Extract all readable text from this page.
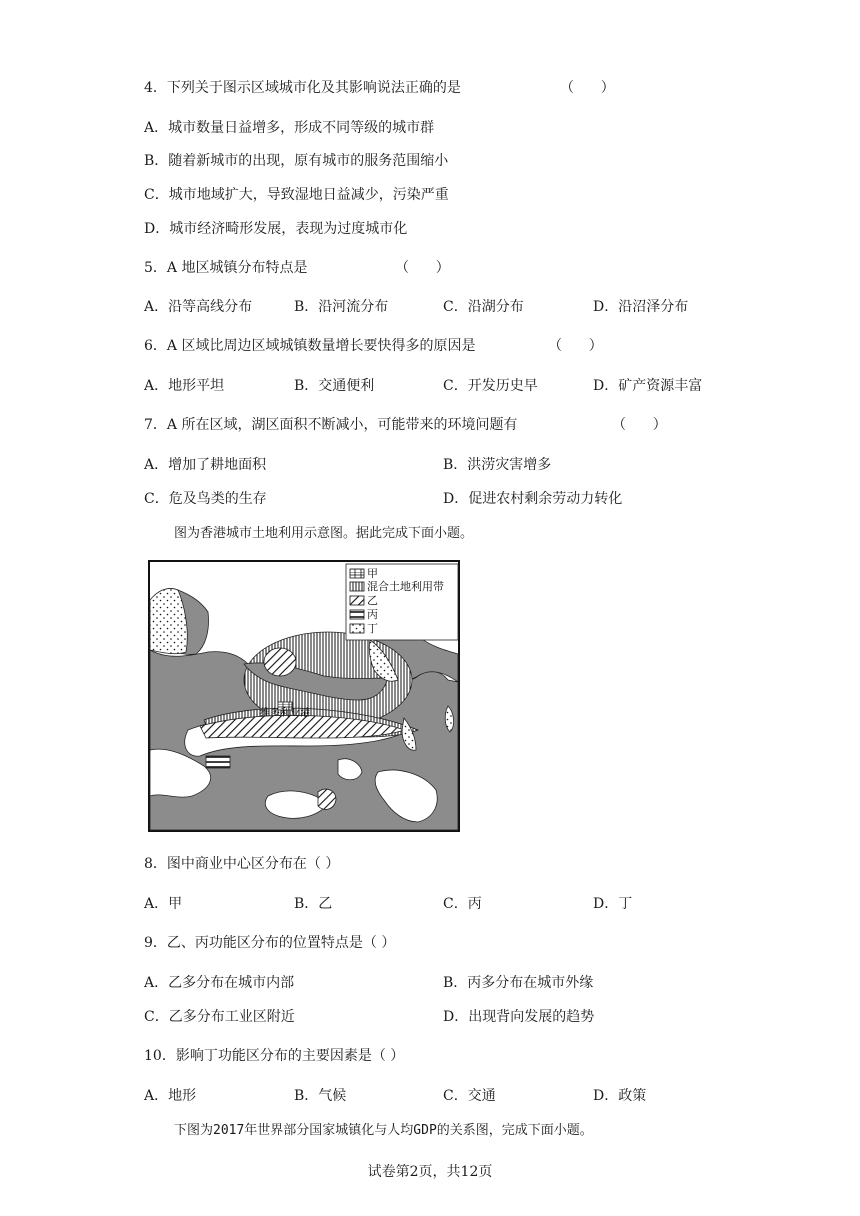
4．下列关于图示区域城市化及其影响说法正确的是	（      ）
A．城市数量日益增多，形成不同等级的城市群
B．随着新城市的出现，原有城市的服务范围缩小
C．城市地域扩大，导致湿地日益减少，污染严重
D．城市经济畸形发展，表现为过度城市化
5．A 地区城镇分布特点是	（      ）
A．沿等高线分布	B．沿河流分布	C．沿湖分布	D．沿沼泽分布
6．A 区域比周边区域城镇数量增长要快得多的原因是	（      ）
A．地形平坦	B．交通便利	C．开发历史早	D．矿产资源丰富
7．A 所在区域，湖区面积不断减小，可能带来的环境问题有	（      ）
A．增加了耕地面积	B．洪涝灾害增多
C．危及鸟类的生存	D．促进农村剩余劳动力转化
图为香港城市土地利用示意图。据此完成下面小题。
维多利亚港
甲
混合土地利用带
乙
丙
丁
8．图中商业中心区分布在（ ）
A．甲	B．乙	C．丙	D．丁
9．乙、丙功能区分布的位置特点是（ ）
A．乙多分布在城市内部	B．丙多分布在城市外缘
C．乙多分布工业区附近	D．出现背向发展的趋势
10．影响丁功能区分布的主要因素是（ ）
A．地形	B．气候	C．交通	D．政策
下图为2017年世界部分国家城镇化与人均GDP的关系图，完成下面小题。
试卷第2页，共12页
